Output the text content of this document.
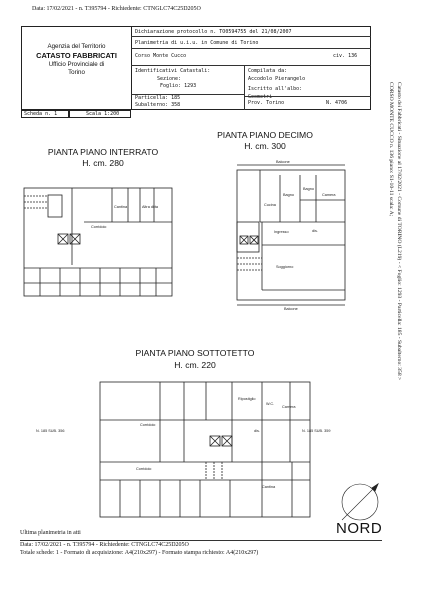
Data: 17/02/2021 - n. T395794 - Richiedente: CTNGLC74C25D205O
Agenzia del Territorio
CATASTO FABBRICATI
Ufficio Provinciale di
Torino
Dichiarazione protocollo n. TO0594755 del 21/08/2007
Planimetria di u.i.u. in Comune di Torino
Corso Monte Cucco	civ. 136
Identificativi Catastali:
Sezione:
Foglio: 1293
Particella: 185
Subalterno: 358
Compilata da:
Accodolo Pierangelo
Iscritto all'albo:
Geometri
Prov. Torino	N. 4706
Scheda n. 1	Scala 1:200
PIANTA PIANO INTERRATO
H. cm. 280
PIANTA PIANO DECIMO
H. cm. 300
PIANTA PIANO SOTTOTETTO
H. cm. 220
Corridoio
Cantina	Altra ditta
Balcone
Bagno
Bagno
Camera
Cucina
Ingresso	dis.
Soggiorno
Balcone
Corridoio
Corridoio
Ripostiglio
W.C.
Camera
dis.
Cantina
N. 185 SUB. 356	N. 185 SUB. 359
NORD
Ultima planimetria in atti
Data: 17/02/2021 - n. T395794 - Richiedente: CTNGLC74C25D205O
Totale schede: 1 - Formato di acquisizione: A4(210x297) - Formato stampa richiesto: A4(210x297)
Catasto dei Fabbricati - Situazione al 17/02/2021 - Comune di TORINO (L219) - < Foglio: 1293 - Particella: 185 - Subalterno: 358 >
CORSO MONTE CUCCO n. 136 piano: S1-10-11 scala: A;
